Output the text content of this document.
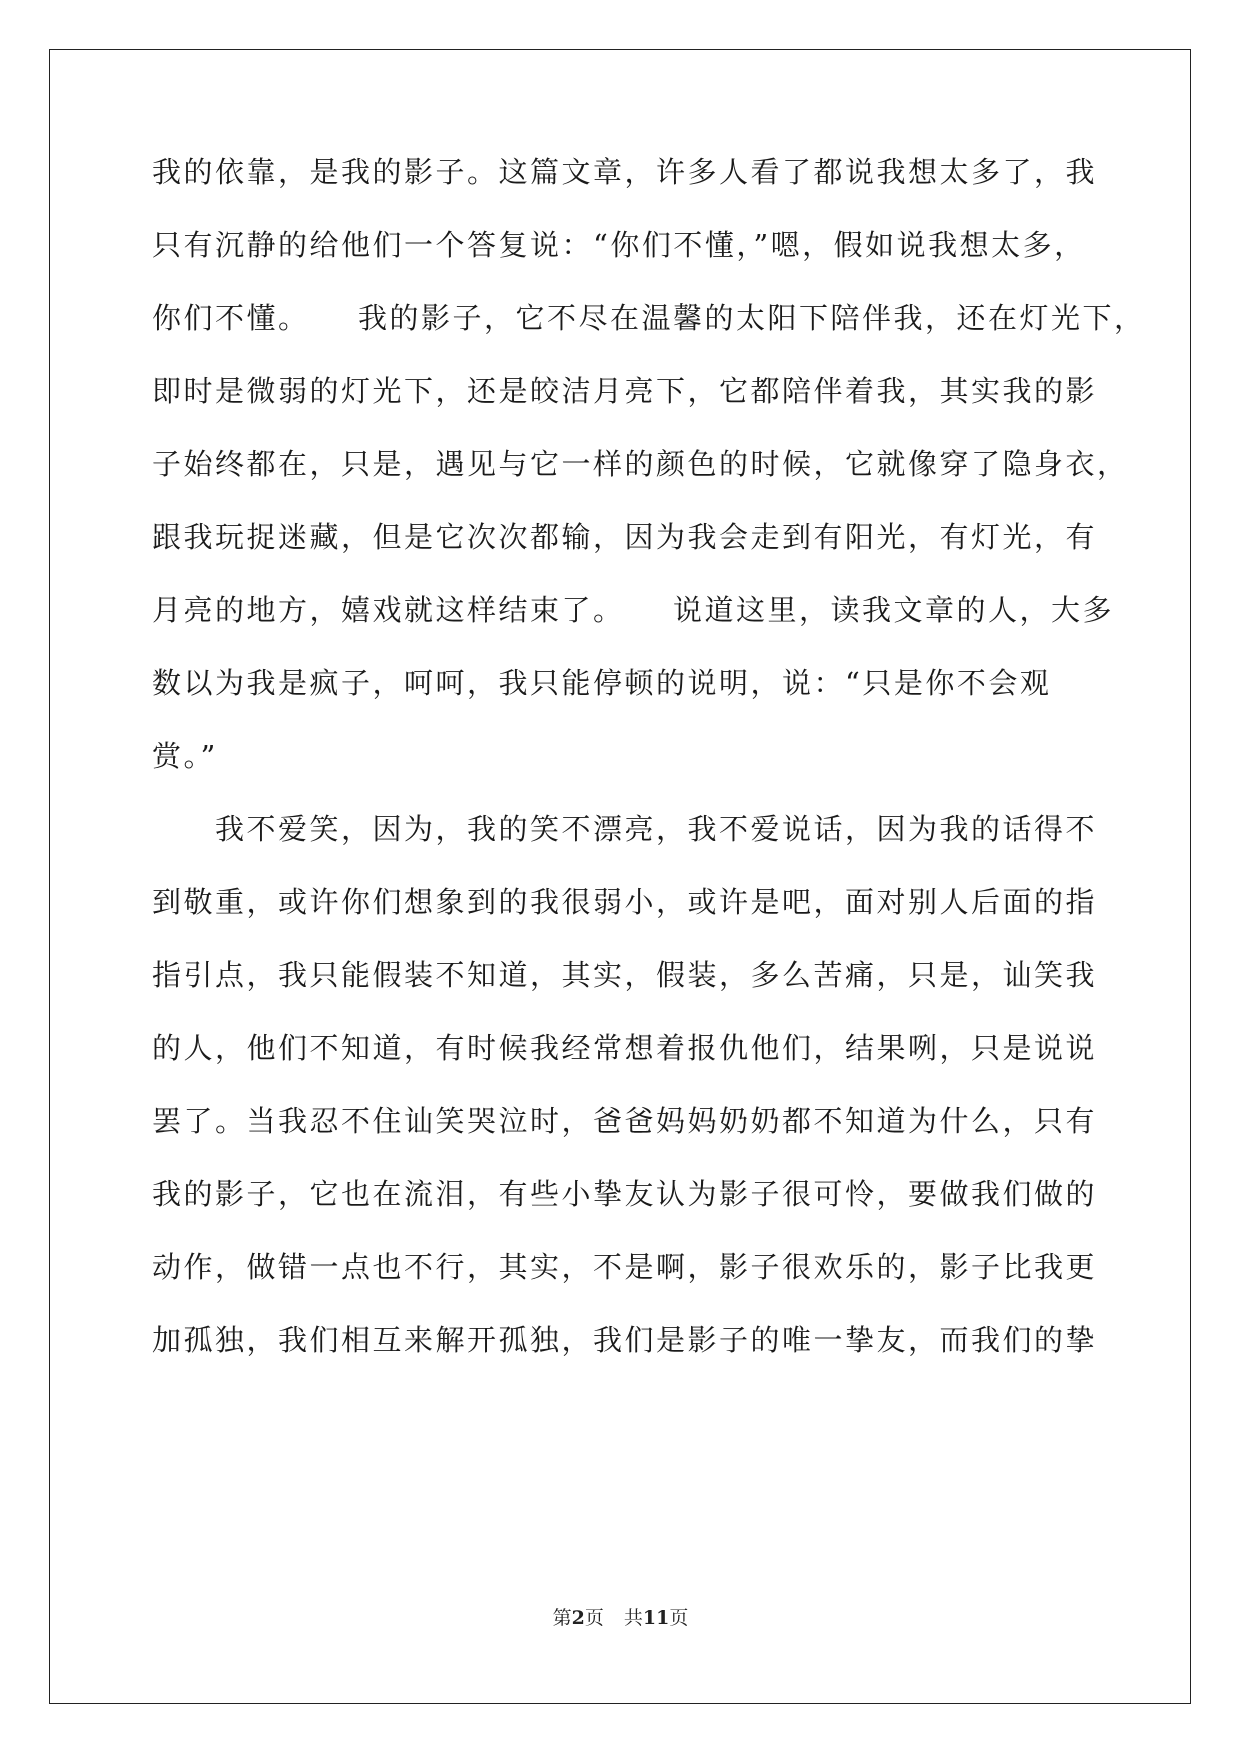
我的依靠，是我的影子。这篇文章，许多人看了都说我想太多了，我
只有沉静的给他们一个答复说：“你们不懂，”嗯，假如说我想太多，
你们不懂。　　我的影子，它不尽在温馨的太阳下陪伴我，还在灯光下，
即时是微弱的灯光下，还是皎洁月亮下，它都陪伴着我，其实我的影
子始终都在，只是，遇见与它一样的颜色的时候，它就像穿了隐身衣，
跟我玩捉迷藏，但是它次次都输，因为我会走到有阳光，有灯光，有
月亮的地方，嬉戏就这样结束了。　　说道这里，读我文章的人，大多
数以为我是疯子，呵呵，我只能停顿的说明，说：“只是你不会观
赏。”
　　我不爱笑，因为，我的笑不漂亮，我不爱说话，因为我的话得不
到敬重，或许你们想象到的我很弱小，或许是吧，面对别人后面的指
指引点，我只能假装不知道，其实，假装，多么苦痛，只是，讪笑我
的人，他们不知道，有时候我经常想着报仇他们，结果咧，只是说说
罢了。当我忍不住讪笑哭泣时，爸爸妈妈奶奶都不知道为什么，只有
我的影子，它也在流泪，有些小挚友认为影子很可怜，要做我们做的
动作，做错一点也不行，其实，不是啊，影子很欢乐的，影子比我更
加孤独，我们相互来解开孤独，我们是影子的唯一挚友，而我们的挚
第2页 共11页
